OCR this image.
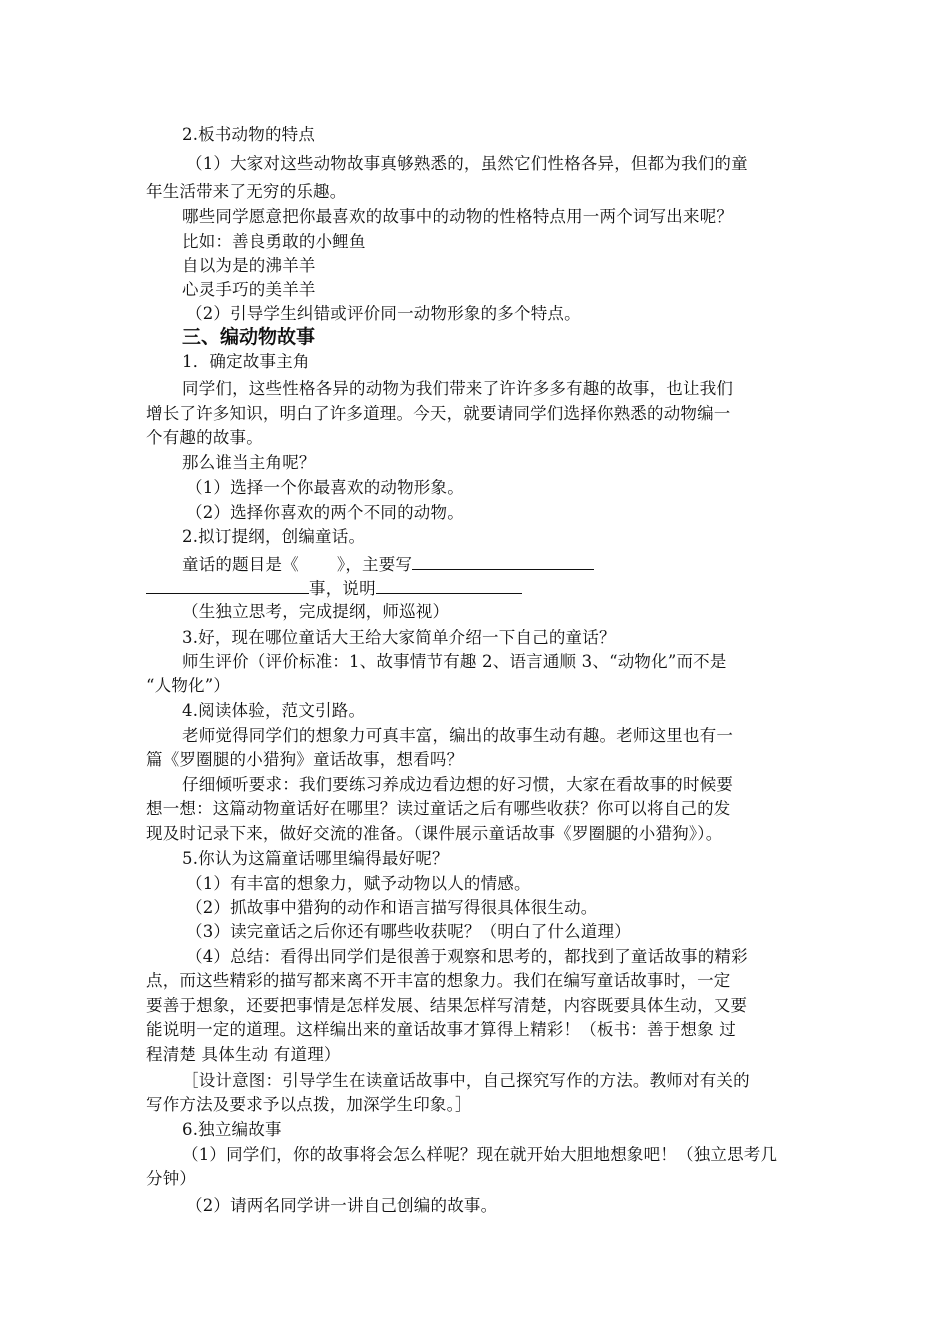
2.板书动物的特点
（1）大家对这些动物故事真够熟悉的，虽然它们性格各异，但都为我们的童
年生活带来了无穷的乐趣。
哪些同学愿意把你最喜欢的故事中的动物的性格特点用一两个词写出来呢？
比如：善良勇敢的小鲤鱼
自以为是的沸羊羊
心灵手巧的美羊羊
（2）引导学生纠错或评价同一动物形象的多个特点。
三、编动物故事
1．确定故事主角
同学们，这些性格各异的动物为我们带来了许许多多有趣的故事，也让我们
增长了许多知识，明白了许多道理。今天，就要请同学们选择你熟悉的动物编一
个有趣的故事。
那么谁当主角呢？
（1）选择一个你最喜欢的动物形象。
（2）选择你喜欢的两个不同的动物。
2.拟订提纲，创编童话。
童话的题目是《 》，主要写
事，说明
（生独立思考，完成提纲，师巡视）
3.好，现在哪位童话大王给大家简单介绍一下自己的童话？
师生评价（评价标准：1、故事情节有趣 2、语言通顺 3、“动物化”而不是
“人物化”）
4.阅读体验，范文引路。
老师觉得同学们的想象力可真丰富，编出的故事生动有趣。老师这里也有一
篇《罗圈腿的小猎狗》童话故事，想看吗？
仔细倾听要求：我们要练习养成边看边想的好习惯，大家在看故事的时候要
想一想：这篇动物童话好在哪里？读过童话之后有哪些收获？你可以将自己的发
现及时记录下来，做好交流的准备。（课件展示童话故事《罗圈腿的小猎狗》）。
5.你认为这篇童话哪里编得最好呢？
（1）有丰富的想象力，赋予动物以人的情感。
（2）抓故事中猎狗的动作和语言描写得很具体很生动。
（3）读完童话之后你还有哪些收获呢？（明白了什么道理）
（4）总结：看得出同学们是很善于观察和思考的，都找到了童话故事的精彩
点，而这些精彩的描写都来离不开丰富的想象力。我们在编写童话故事时，一定
要善于想象，还要把事情是怎样发展、结果怎样写清楚，内容既要具体生动，又要
能说明一定的道理。这样编出来的童话故事才算得上精彩！（板书：善于想象 过
程清楚 具体生动 有道理）
［设计意图：引导学生在读童话故事中，自己探究写作的方法。教师对有关的
写作方法及要求予以点拨，加深学生印象。］
6.独立编故事
（1）同学们，你的故事将会怎么样呢？现在就开始大胆地想象吧！（独立思考几
分钟）
（2）请两名同学讲一讲自己创编的故事。
